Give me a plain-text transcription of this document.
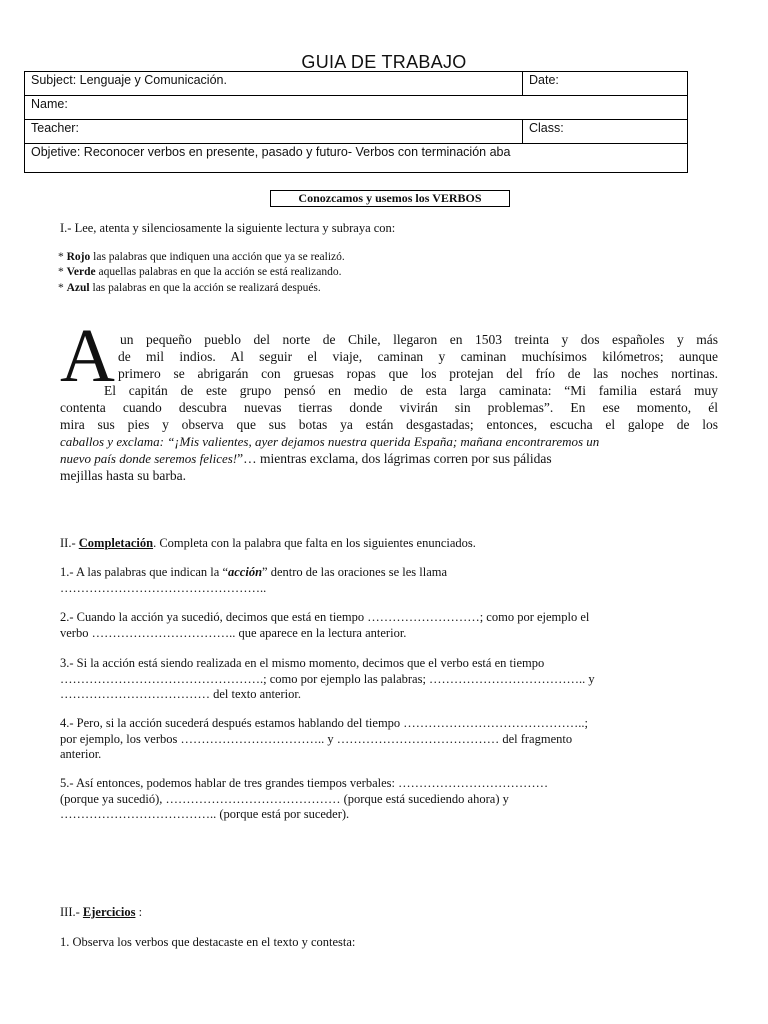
GUIA DE TRABAJO
Subject: Lenguaje y Comunicación.	Date:
Name:	
Teacher:	Class:
Objetive: Reconocer verbos en presente, pasado y futuro- Verbos con terminación aba	
Conozcamos y usemos los VERBOS
I.- Lee, atenta y silenciosamente la siguiente lectura y subraya con:
* Rojo las palabras que indiquen una acción que ya se realizó.
* Verde aquellas palabras en que la acción se está realizando.
* Azul las palabras en que la acción se realizará después.
A un pequeño pueblo del norte de Chile, llegaron en 1503 treinta y dos españoles y más
de mil indios. Al seguir el viaje, caminan y caminan muchísimos kilómetros; aunque
primero se abrigarán con gruesas ropas que los protejan del frío de las noches nortinas.
El capitán de este grupo pensó en medio de esta larga caminata: “Mi familia estará muy
contenta cuando descubra nuevas tierras donde vivirán sin problemas”. En ese momento, él
mira sus pies y observa que sus botas ya están desgastadas; entonces, escucha el galope de los
caballos y exclama: “¡Mis valientes, ayer dejamos nuestra querida España; mañana encontraremos un
nuevo país donde seremos felices!”… mientras exclama, dos lágrimas corren por sus pálidas
mejillas hasta su barba.
II.- Completación. Completa con la palabra que falta en los siguientes enunciados.
1.- A las palabras que indican la “acción” dentro de las oraciones se les llama
…………………………………………..
2.- Cuando la acción ya sucedió, decimos que está en tiempo ………………………; como por ejemplo el
verbo …………………………….. que aparece en la lectura anterior.
3.- Si la acción está siendo realizada en el mismo momento, decimos que el verbo está en tiempo
………………………………………….; como por ejemplo las palabras; ……………………………….. y
……………………………… del texto anterior.
4.- Pero, si la acción sucederá después estamos hablando del tiempo ……………………………………..;
por ejemplo, los verbos …………………………….. y ………………………………… del fragmento
anterior.
5.- Así entonces, podemos hablar de tres grandes tiempos verbales: ………………………………
(porque ya sucedió), …………………………………… (porque está sucediendo ahora) y
……………………………….. (porque está por suceder).
III.- Ejercicios :
1. Observa los verbos que destacaste en el texto y contesta:
